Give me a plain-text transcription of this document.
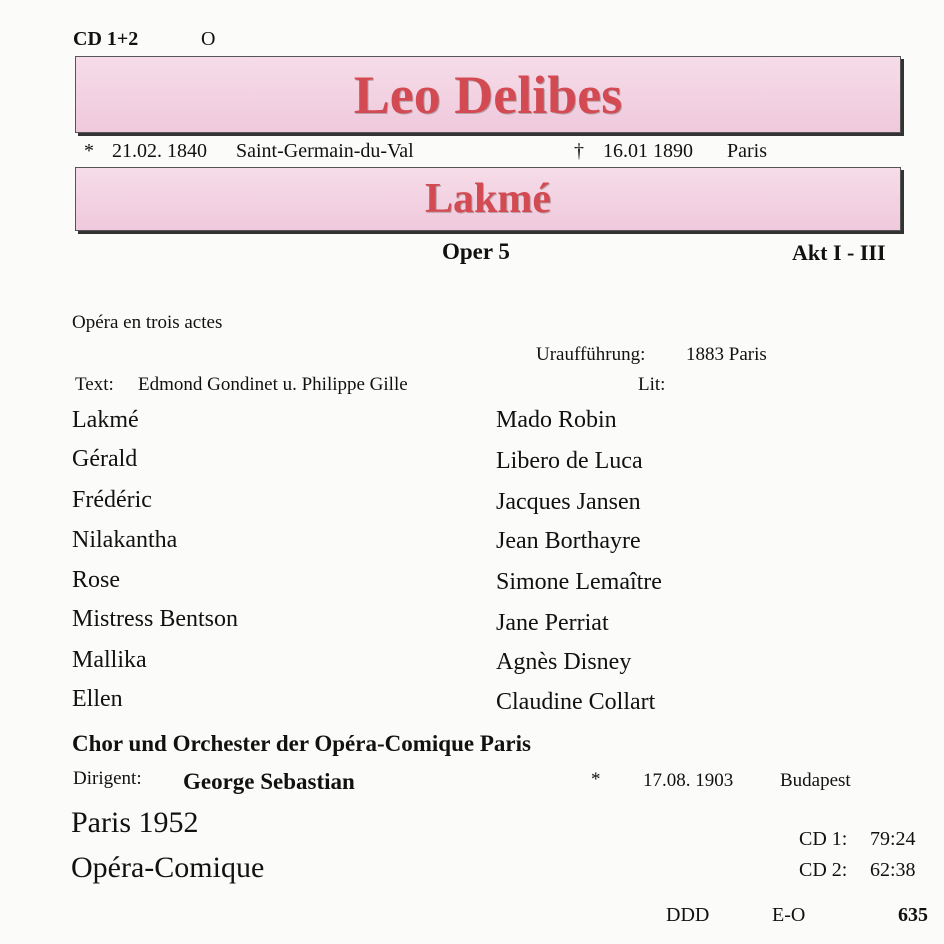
CD 1+2	O
Leo Delibes
* 21.02. 1840 Saint-Germain-du-Val	† 16.01 1890 Paris
Lakmé
Oper 5	Akt I - III
Opéra en trois actes
Uraufführung: 1883 Paris
Text: Edmond Gondinet u. Philippe Gille	Lit:
Lakmé	Mado Robin
Gérald	Libero de Luca
Frédéric	Jacques Jansen
Nilakantha	Jean Borthayre
Rose	Simone Lemaître
Mistress Bentson	Jane Perriat
Mallika	Agnès Disney
Ellen	Claudine Collart
Chor und Orchester der Opéra-Comique Paris
Dirigent: George Sebastian	* 17.08. 1903 Budapest
Paris 1952
Opéra-Comique
CD 1: 79:24
CD 2: 62:38
DDD	E-O	635
